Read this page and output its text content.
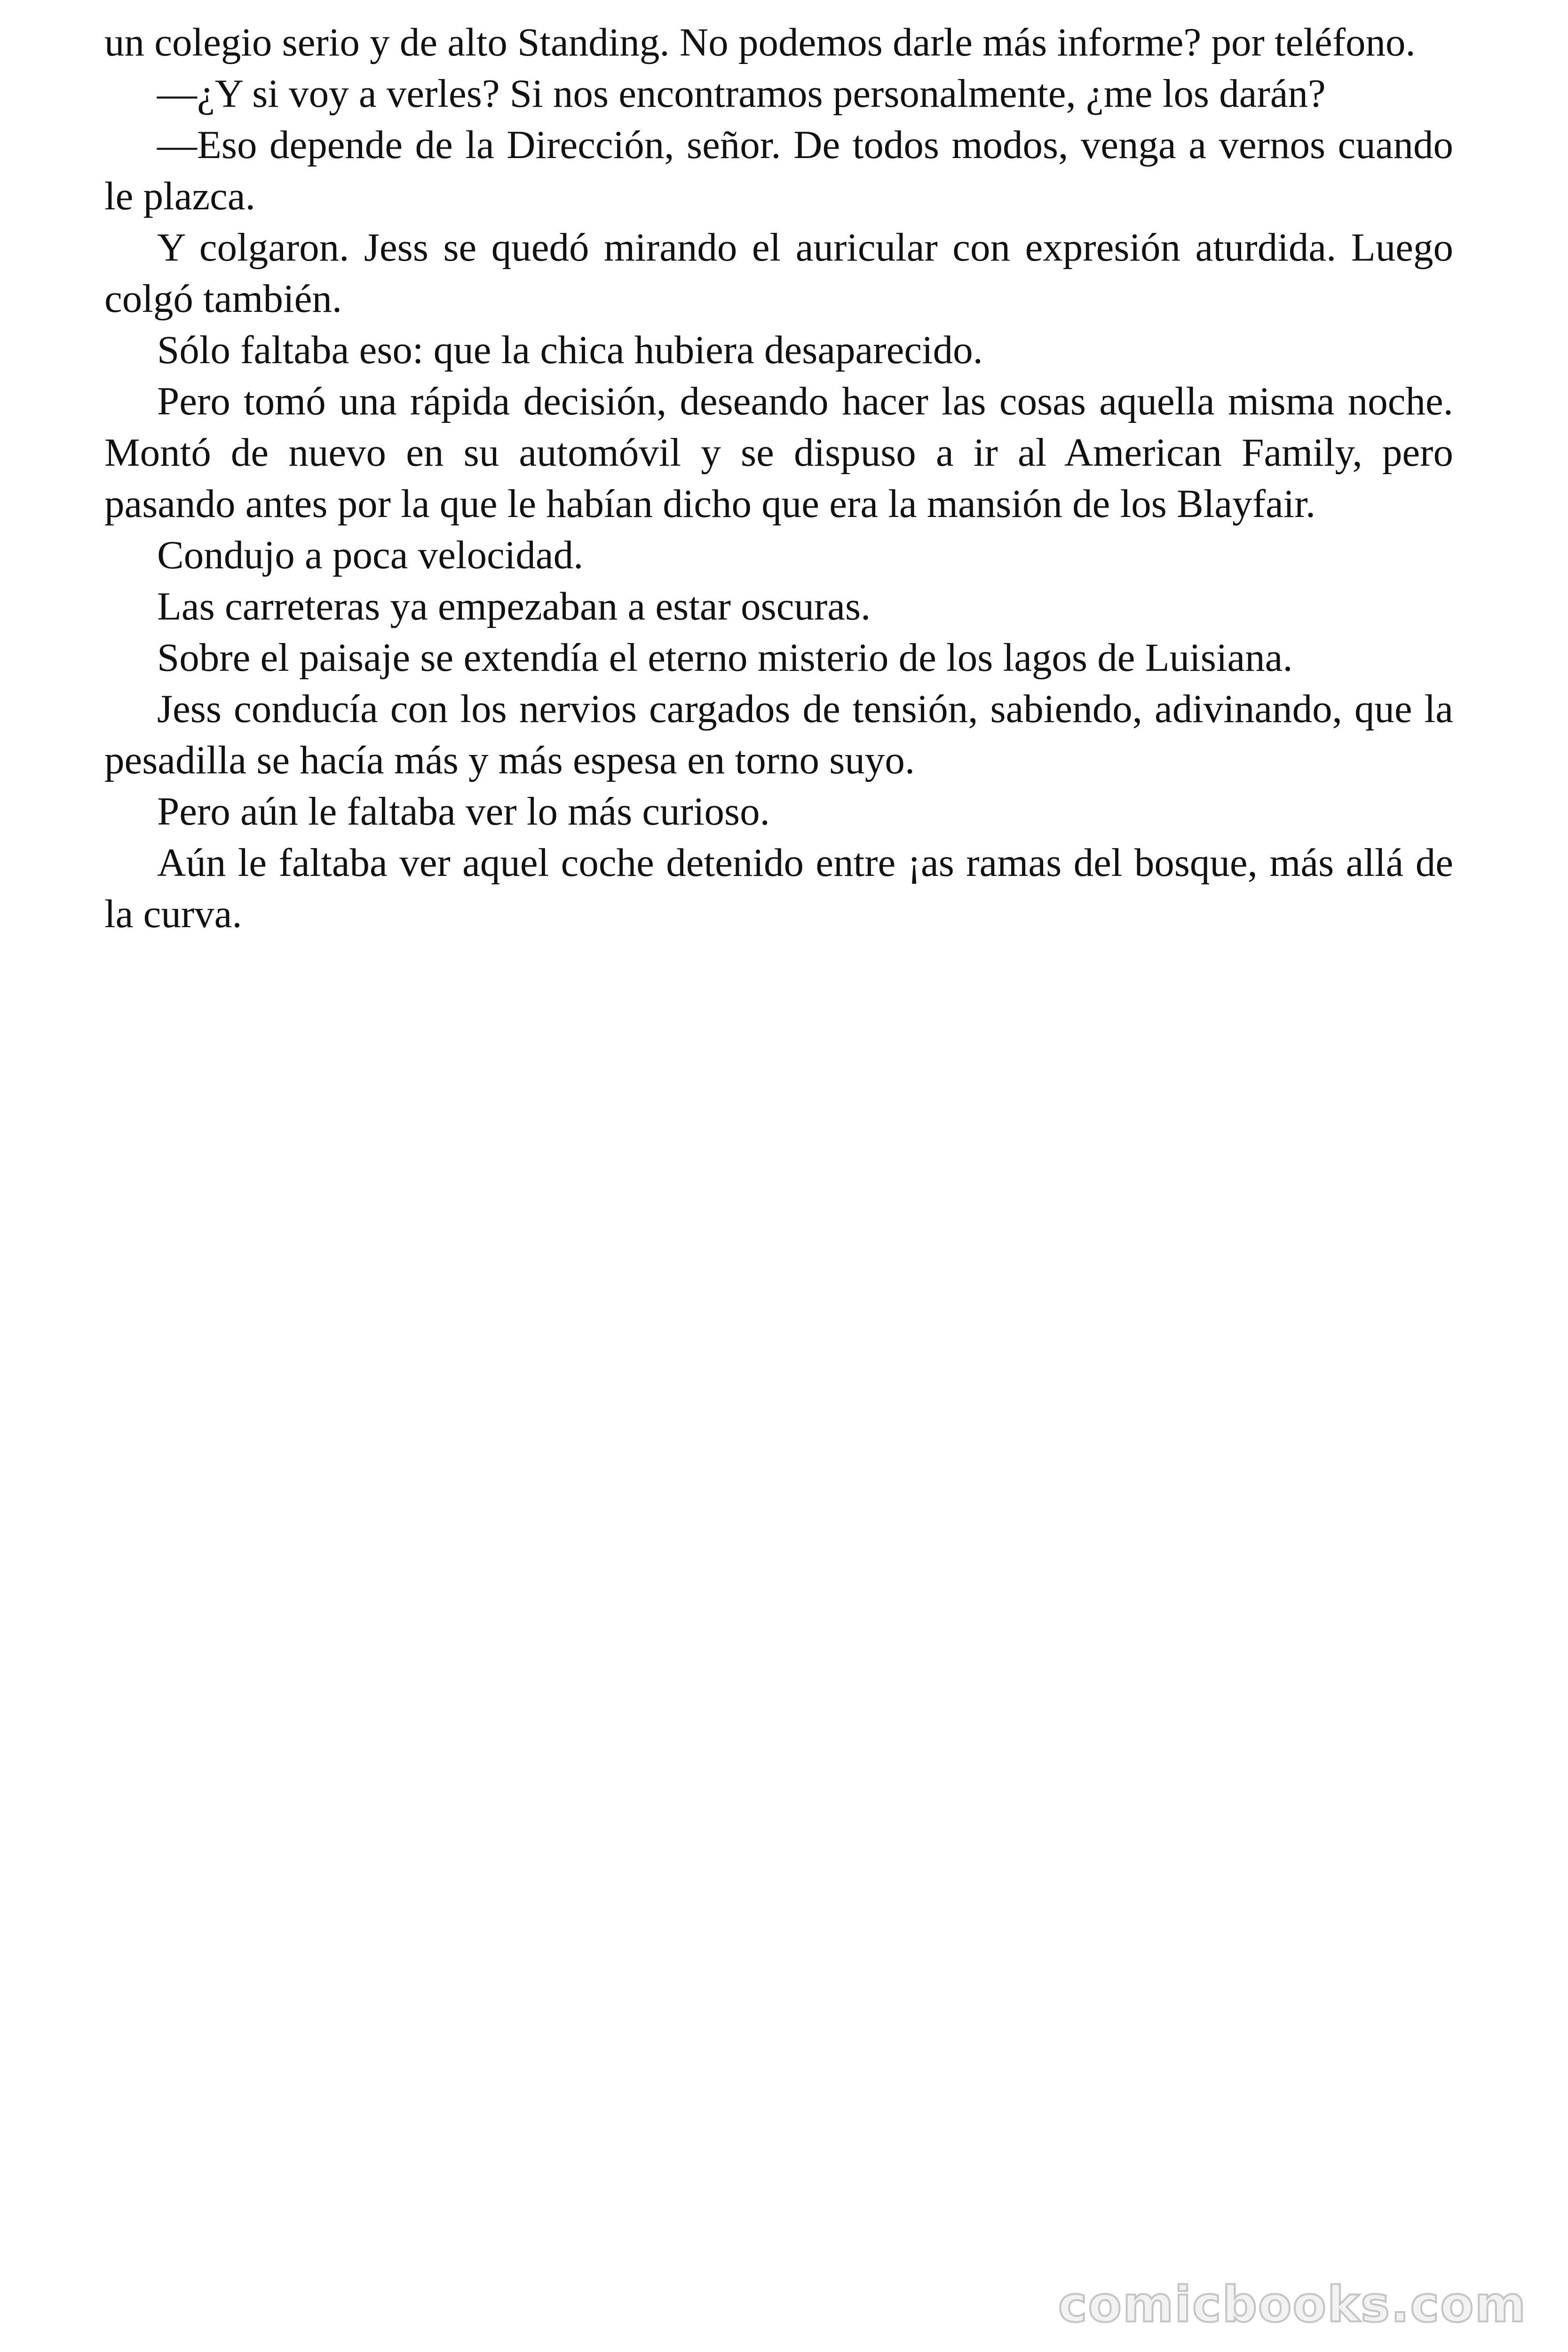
un colegio serio y de alto Standing. No podemos darle más informe? por teléfono.

—¿Y si voy a verles? Si nos encontramos personalmente, ¿me los darán?

—Eso depende de la Dirección, señor. De todos modos, venga a vernos cuando le plazca.

Y colgaron. Jess se quedó mirando el auricular con expresión aturdida. Luego colgó también.

Sólo faltaba eso: que la chica hubiera desaparecido.

Pero tomó una rápida decisión, deseando hacer las cosas aquella misma noche. Montó de nuevo en su automóvil y se dispuso a ir al American Family, pero pasando antes por la que le habían dicho que era la mansión de los Blayfair.

Condujo a poca velocidad.

Las carreteras ya empezaban a estar oscuras.

Sobre el paisaje se extendía el eterno misterio de los lagos de Luisiana.

Jess conducía con los nervios cargados de tensión, sabiendo, adivinando, que la pesadilla se hacía más y más espesa en torno suyo.

Pero aún le faltaba ver lo más curioso.

Aún le faltaba ver aquel coche detenido entre ¡as ramas del bosque, más allá de la curva.

comicbooks.com
